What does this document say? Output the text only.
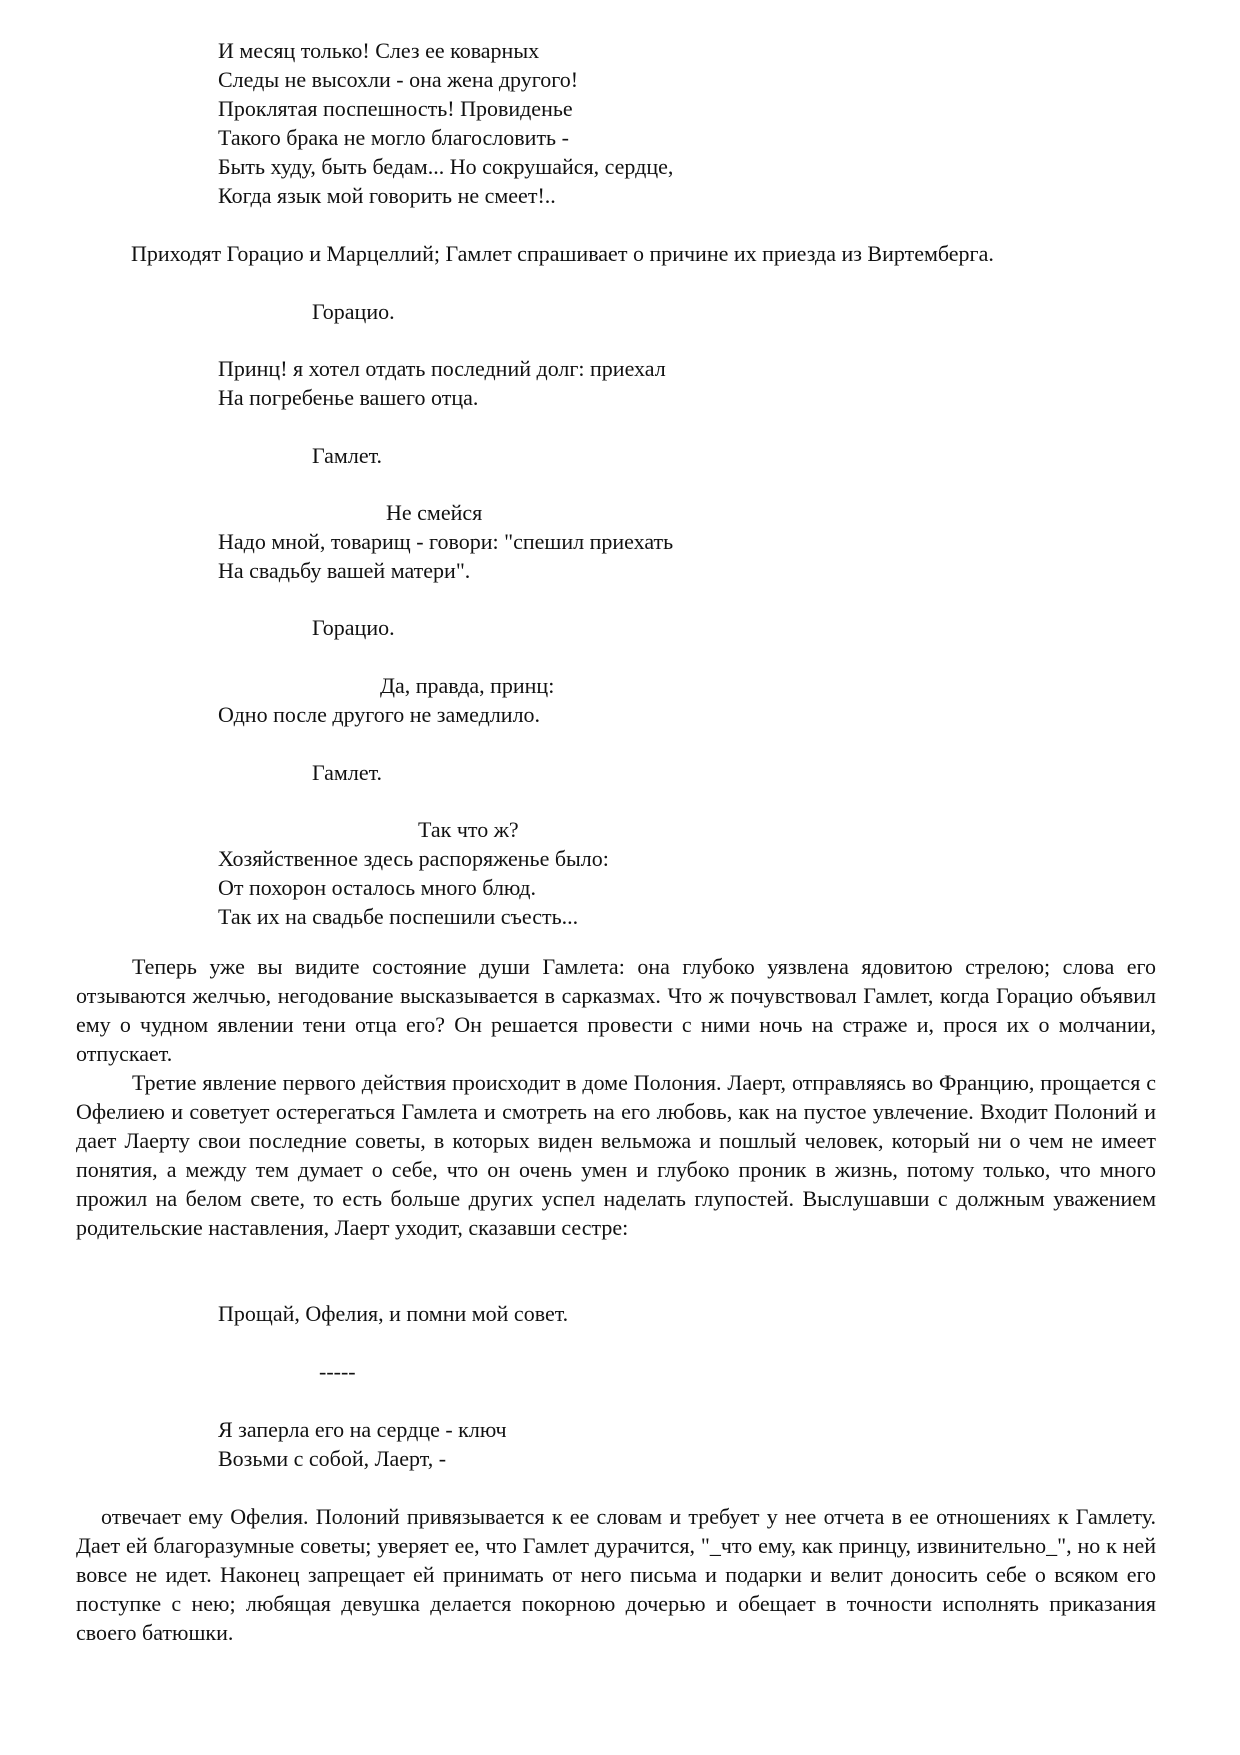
И месяц только! Слез ее коварных
Следы не высохли - она жена другого!
Проклятая поспешность! Провиденье
Такого брака не могло благословить -
Быть худу, быть бедам... Но сокрушайся, сердце,
Когда язык мой говорить не смеет!..
Приходят Горацио и Марцеллий; Гамлет спрашивает о причине их приезда из Виртемберга.
Горацио.
Принц! я хотел отдать последний долг: приехал
На погребенье вашего отца.
Гамлет.
Не смейся
Надо мной, товарищ - говори: "спешил приехать
На свадьбу вашей матери".
Горацио.
Да, правда, принц:
Одно после другого не замедлило.
Гамлет.
Так что ж?
Хозяйственное здесь распоряженье было:
От похорон осталось много блюд.
Так их на свадьбе поспешили съесть...
Теперь уже вы видите состояние души Гамлета: она глубоко уязвлена ядовитою стрелою; слова его отзываются желчью, негодование высказывается в сарказмах. Что ж почувствовал Гамлет, когда Горацио объявил ему о чудном явлении тени отца его? Он решается провести с ними ночь на страже и, прося их о молчании, отпускает.
Третие явление первого действия происходит в доме Полония. Лаерт, отправляясь во Францию, прощается с Офелиею и советует остерегаться Гамлета и смотреть на его любовь, как на пустое увлечение. Входит Полоний и дает Лаерту свои последние советы, в которых виден вельможа и пошлый человек, который ни о чем не имеет понятия, а между тем думает о себе, что он очень умен и глубоко проник в жизнь, потому только, что много прожил на белом свете, то есть больше других успел наделать глупостей. Выслушавши с должным уважением родительские наставления, Лаерт уходит, сказавши сестре:
Прощай, Офелия, и помни мой совет.
-----
Я заперла его на сердце - ключ
Возьми с собой, Лаерт, -
отвечает ему Офелия. Полоний привязывается к ее словам и требует у нее отчета в ее отношениях к Гамлету. Дает ей благоразумные советы; уверяет ее, что Гамлет дурачится, "_что ему, как принцу, извинительно_", но к ней вовсе не идет. Наконец запрещает ей принимать от него письма и подарки и велит доносить себе о всяком его поступке с нею; любящая девушка делается покорною дочерью и обещает в точности исполнять приказания своего батюшки.
